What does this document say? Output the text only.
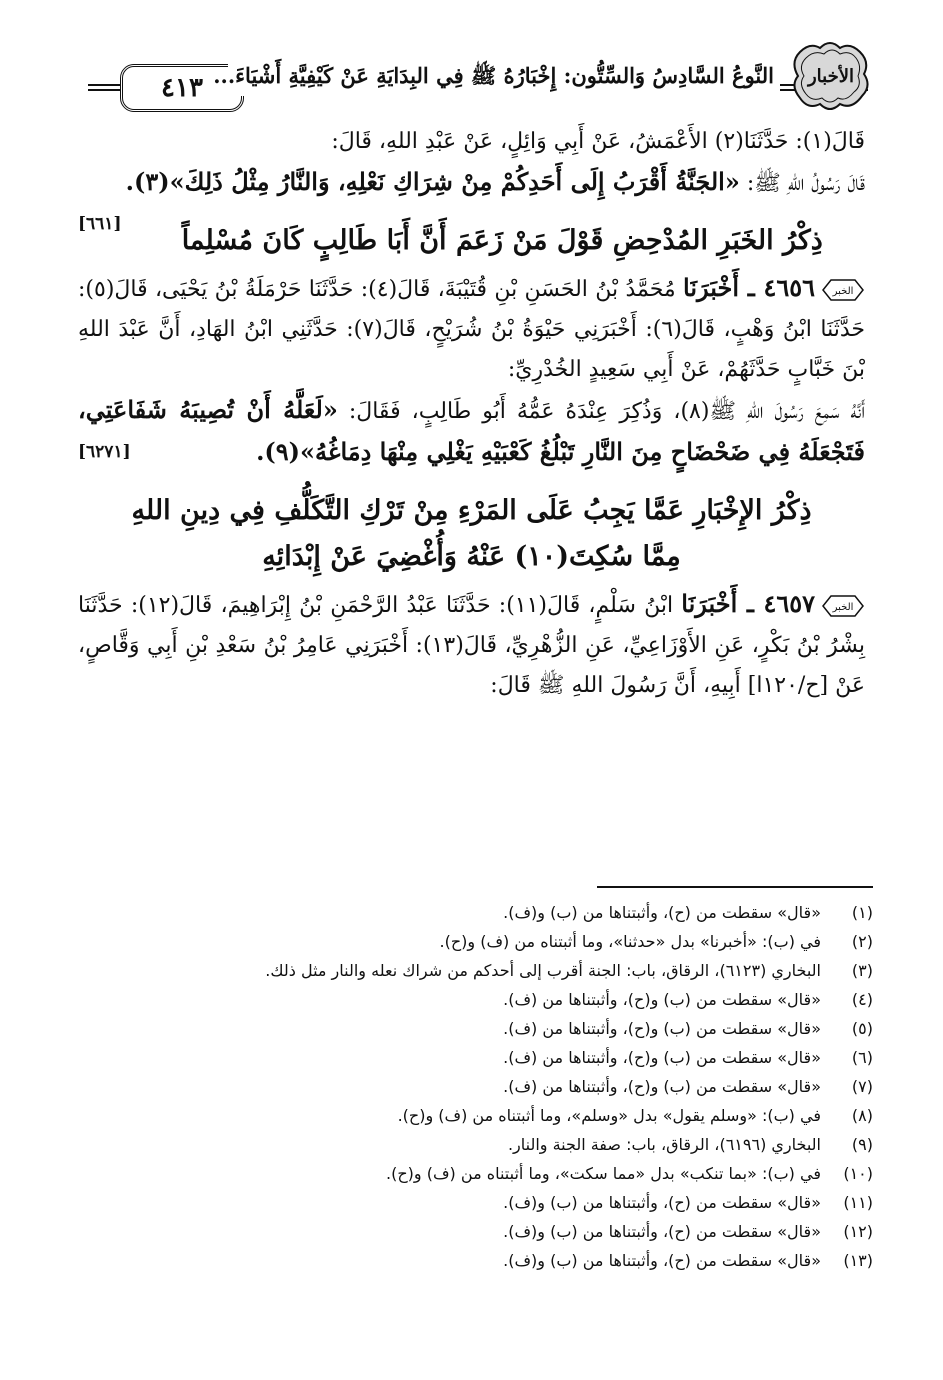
٤١٣ النَّوعُ السَّادِسُ وَالسِّتُّون: إِخْبَارُهُ ﷺ فِي البِدَايَةِ عَنْ كَيْفِيَّةِ أَشْيَاءَ...	الأخبار

قَالَ(١): حَدَّثَنَا(٢) الأَعْمَشُ، عَنْ أَبِي وَائِلٍ، عَنْ عَبْدِ اللهِ، قَالَ:

قَالَ رَسُولُ اللهِ ﷺ: «الجَنَّةُ أَقْرَبُ إِلَى أَحَدِكُمْ مِنْ شِرَاكِ نَعْلِهِ، وَالنَّارُ مِثْلُ ذَلِكَ»(٣).
[٦٦١]

ذِكْرُ الخَبَرِ المُدْحِضِ قَوْلَ مَنْ زَعَمَ أَنَّ أَبَا طَالِبٍ كَانَ مُسْلِماً

الخبر
٤٦٥٦ ـ أَخْبَرَنَا مُحَمَّدُ بْنُ الحَسَنِ بْنِ قُتَيْبَةَ، قَالَ(٤): حَدَّثَنَا حَرْمَلَةُ بْنُ يَحْيَى، قَالَ(٥): حَدَّثَنَا ابْنُ وَهْبٍ، قَالَ(٦): أَخْبَرَنِي حَيْوَةُ بْنُ شُرَيْحٍ، قَالَ(٧): حَدَّثَنِي ابْنُ الهَادِ، أَنَّ عَبْدَ اللهِ بْنَ خَبَّابٍ حَدَّثَهُمْ، عَنْ أَبِي سَعِيدٍ الخُدْرِيِّ:

أَنَّهُ سَمِعَ رَسُولَ اللهِ ﷺ(٨)، وَذُكِرَ عِنْدَهُ عَمُّهُ أَبُو طَالِبٍ، فَقَالَ: «لَعَلَّهُ أَنْ تُصِيبَهُ شَفَاعَتِي، فَتَجْعَلَهُ فِي ضَحْضَاحٍ مِنَ النَّارِ تَبْلُغُ كَعْبَيْهِ يَغْلِي مِنْهَا دِمَاغُهُ»(٩).
[٦٢٧١]

ذِكْرُ الإِخْبَارِ عَمَّا يَجِبُ عَلَى المَرْءِ مِنْ تَرْكِ التَّكَلُّفِ فِي دِينِ اللهِ
مِمَّا سُكِتَ(١٠) عَنْهُ وَأُغْضِيَ عَنْ إِبْدَائِهِ

الخبر
٤٦٥٧ ـ أَخْبَرَنَا ابْنُ سَلْمٍ، قَالَ(١١): حَدَّثَنَا عَبْدُ الرَّحْمَنِ بْنُ إِبْرَاهِيمَ، قَالَ(١٢): حَدَّثَنَا بِشْرُ بْنُ بَكْرٍ، عَنِ الأَوْزَاعِيِّ، عَنِ الزُّهْرِيِّ، قَالَ(١٣): أَخْبَرَنِي عَامِرُ بْنُ سَعْدِ بْنِ أَبِي وَقَّاصٍ، عَنْ [ح/١٢٠ا] أَبِيهِ، أَنَّ رَسُولَ اللهِ ﷺ قَالَ:

(١)
«قال» سقطت من (ح)، وأثبتناها من (ب) و(ف).
(٢)
في (ب): «أخبرنا» بدل «حدثنا»، وما أثبتناه من (ف) و(ح).
(٣)
البخاري (٦١٢٣)، الرقاق، باب: الجنة أقرب إلى أحدكم من شراك نعله والنار مثل ذلك.
(٤)
«قال» سقطت من (ب) و(ح)، وأثبتناها من (ف).
(٥)
«قال» سقطت من (ب) و(ح)، وأثبتناها من (ف).
(٦)
«قال» سقطت من (ب) و(ح)، وأثبتناها من (ف).
(٧)
«قال» سقطت من (ب) و(ح)، وأثبتناها من (ف).
(٨)
في (ب): «وسلم يقول» بدل «وسلم»، وما أثبتناه من (ف) و(ح).
(٩)
البخاري (٦١٩٦)، الرقاق، باب: صفة الجنة والنار.
(١٠)
في (ب): «بما تنكب» بدل «مما سكت»، وما أثبتناه من (ف) و(ح).
(١١)
«قال» سقطت من (ح)، وأثبتناها من (ب) و(ف).
(١٢)
«قال» سقطت من (ح)، وأثبتناها من (ب) و(ف).
(١٣)
«قال» سقطت من (ح)، وأثبتناها من (ب) و(ف).
